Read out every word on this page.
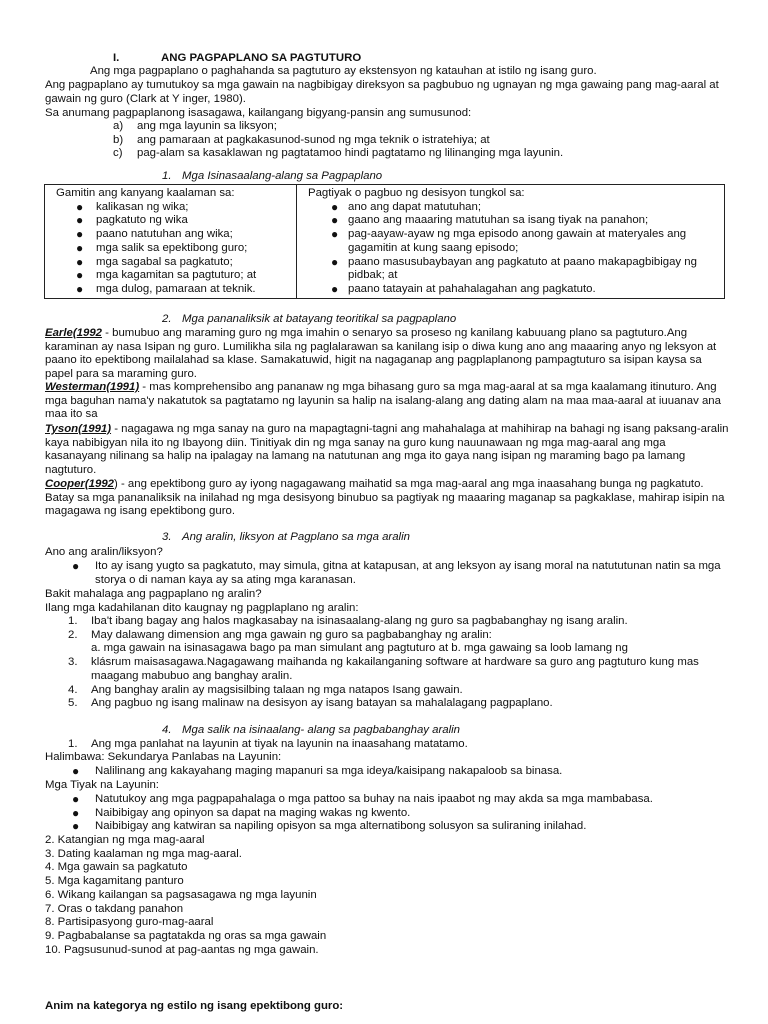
I.	ANG PAGPAPLANO SA PAGTUTURO

Ang mga pagpaplano o paghahanda sa pagtuturo ay ekstensyon ng katauhan at istilo ng isang guro.

Ang pagpaplano ay tumutukoy sa mga gawain na nagbibigay direksyon sa pagbubuo ng ugnayan ng mga gawaing pang mag-aaral at gawain ng guro (Clark at Y inger, 1980).

Sa anumang pagpaplanong isasagawa, kailangang bigyang-pansin ang sumusunod:

a) ang mga layunin sa liksyon;
b) ang pamaraan at pagkakasunod-sunod ng mga teknik o istratehiya; at
c) pag-alam sa kasaklawan ng pagtatamoo hindi pagtatamo ng lilinanging mga layunin.

1. Mga Isinasaalang-alang sa Pagpaplano

Gamitin ang kanyang kaalaman sa:
● kalikasan ng wika;
● pagkatuto ng wika
● paano natutuhan ang wika;
● mga salik sa epektibong guro;
● mga sagabal sa pagkatuto;
● mga kagamitan sa pagtuturo; at
● mga dulog, pamaraan at teknik.

Pagtiyak o pagbuo ng desisyon tungkol sa:
● ano ang dapat matutuhan;
● gaano ang maaaring matutuhan sa isang tiyak na panahon;
● pag-aayaw-ayaw ng mga episodo anong gawain at materyales ang gagamitin at kung saang episodo;
● paano masusubaybayan ang pagkatuto at paano makapagbibigay ng pidbak; at
● paano tatayain at pahahalagahan ang pagkatuto.

2. Mga pananaliksik at batayang teoritikal sa pagpaplano

Earle(1992 - bumubuo ang maraming guro ng mga imahin o senaryo sa proseso ng kanilang kabuuang plano sa pagtuturo.Ang karaminan ay nasa Isipan ng guro. Lumilikha sila ng paglalarawan sa kanilang isip o diwa kung ano ang maaaring anyo ng leksyon at paano ito epektibong mailalahad sa klase. Samakatuwid, higit na nagaganap ang pagplaplanong pampagtuturo sa isipan kaysa sa papel para sa maraming guro.

Westerman(1991) - mas komprehensibo ang pananaw ng mga bihasang guro sa mga mag-aaral at sa mga kaalamang itinuturo. Ang mga baguhan nama'y nakatutok sa pagtatamo ng layunin sa halip na isalang-alang ang dating alam na maa maa-aaral at iuuanav ana maa ito sa

Tyson(1991) - nagagawa ng mga sanay na guro na mapagtagni-tagni ang mahahalaga at mahihirap na bahagi ng isang paksang-aralin kaya nabibigyan nila ito ng Ibayong diin. Tinitiyak din ng mga sanay na guro kung nauunawaan ng mga mag-aaral ang mga kasanayang nilinang sa halip na ipalagay na lamang na natutunan ang mga ito gaya nang isipan ng maraming bago pa lamang nagtuturo.

Cooper(1992) - ang epektibong guro ay iyong nagagawang maihatid sa mga mag-aaral ang mga inaasahang bunga ng pagkatuto. Batay sa mga pananaliksik na inilahad ng mga desisyong binubuo sa pagtiyak ng maaaring maganap sa pagkaklase, mahirap isipin na magagawa ng isang epektibong guro.

3. Ang aralin, liksyon at Pagplano sa mga aralin

Ano ang aralin/liksyon?

● Ito ay isang yugto sa pagkatuto, may simula, gitna at katapusan, at ang leksyon ay isang moral na natututunan natin sa mga storya o di naman kaya ay sa ating mga karanasan.

Bakit mahalaga ang pagpaplano ng aralin?

Ilang mga kadahilanan dito kaugnay ng pagplaplano ng aralin:

1. Iba't ibang bagay ang halos magkasabay na isinasaalang-alang ng guro sa pagbabanghay ng isang aralin.
2. May dalawang dimension ang mga gawain ng guro sa pagbabanghay ng aralin:
a. mga gawain na isinasagawa bago pa man simulant ang pagtuturo at b. mga gawaing sa loob lamang ng
3. klásrum maisasagawa.Nagagawang maihanda ng kakailanganing software at hardware sa guro ang pagtuturo kung mas maagang mabubuo ang banghay aralin.
4. Ang banghay aralin ay magsisilbing talaan ng mga natapos Isang gawain.
5. Ang pagbuo ng isang malinaw na desisyon ay isang batayan sa mahalalagang pagpaplano.

4. Mga salik na isinaalang- alang sa pagbabanghay aralin

1. Ang mga panlahat na layunin at tiyak na layunin na inaasahang matatamo.

Halimbawa: Sekundarya Panlabas na Layunin:

● Nalilinang ang kakayahang maging mapanuri sa mga ideya/kaisipang nakapaloob sa binasa.

Mga Tiyak na Layunin:

● Natutukoy ang mga pagpapahalaga o mga pattoo sa buhay na nais ipaabot ng may akda sa mga mambabasa.
● Naibibigay ang opinyon sa dapat na maging wakas ng kwento.
● Naibibigay ang katwiran sa napiling opisyon sa mga alternatibong solusyon sa suliraning inilahad.

2. Katangian ng mga mag-aaral

3. Dating kaalaman ng mga mag-aaral.

4. Mga gawain sa pagkatuto

5. Mga kagamitang panturo

6. Wikang kailangan sa pagsasagawa ng mga layunin

7. Oras o takdang panahon

8. Partisipasyong guro-mag-aaral

9. Pagbabalanse sa pagtatakda ng oras sa mga gawain

10. Pagsusunud-sunod at pag-aantas ng mga gawain.

Anim na kategorya ng estilo ng isang epektibong guro:
